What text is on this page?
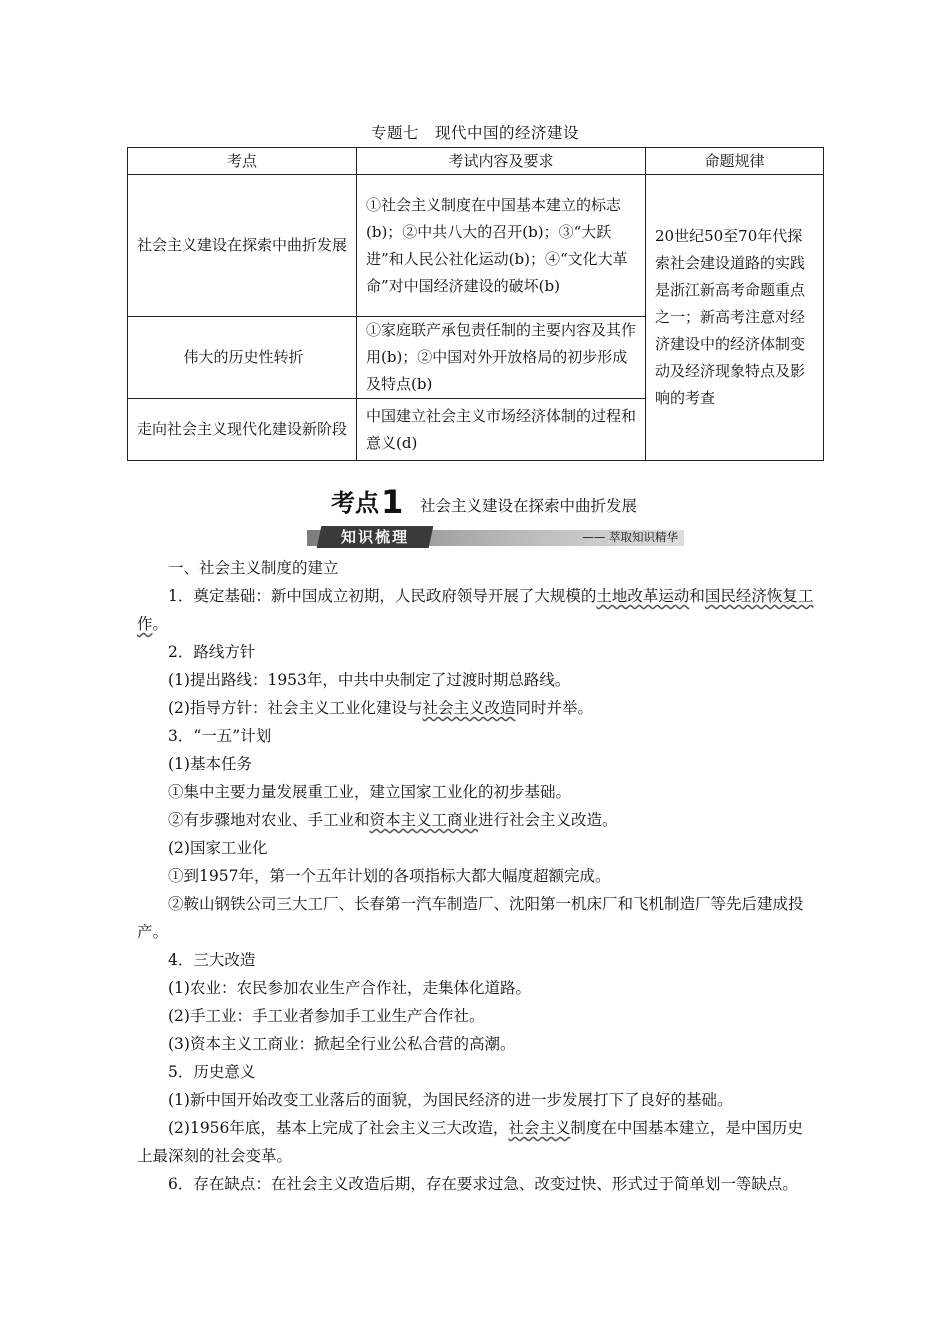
专题七　现代中国的经济建设
考点	考试内容及要求	命题规律
社会主义建设在探索中曲折发展	①社会主义制度在中国基本建立的标志(b)；②中共八大的召开(b)；③“大跃进”和人民公社化运动(b)；④“文化大革命”对中国经济建设的破坏(b)	20世纪50至70年代探索社会建设道路的实践是浙江新高考命题重点之一；新高考注意对经济建设中的经济体制变动及经济现象特点及影响的考查
伟大的历史性转折	①家庭联产承包责任制的主要内容及其作用(b)；②中国对外开放格局的初步形成及特点(b)	
走向社会主义现代化建设新阶段	中国建立社会主义市场经济体制的过程和意义(d)	
考点1 社会主义建设在探索中曲折发展
知识梳理	—— 萃取知识精华

一、社会主义制度的建立

1．奠定基础：新中国成立初期，人民政府领导开展了大规模的土地改革运动和国民经济恢复工作。

2．路线方针

(1)提出路线：1953年，中共中央制定了过渡时期总路线。

(2)指导方针：社会主义工业化建设与社会主义改造同时并举。

3．“一五”计划

(1)基本任务

①集中主要力量发展重工业，建立国家工业化的初步基础。

②有步骤地对农业、手工业和资本主义工商业进行社会主义改造。

(2)国家工业化

①到1957年，第一个五年计划的各项指标大都大幅度超额完成。

②鞍山钢铁公司三大工厂、长春第一汽车制造厂、沈阳第一机床厂和飞机制造厂等先后建成投产。

4．三大改造

(1)农业：农民参加农业生产合作社，走集体化道路。

(2)手工业：手工业者参加手工业生产合作社。

(3)资本主义工商业：掀起全行业公私合营的高潮。

5．历史意义

(1)新中国开始改变工业落后的面貌，为国民经济的进一步发展打下了良好的基础。

(2)1956年底，基本上完成了社会主义三大改造，社会主义制度在中国基本建立，是中国历史上最深刻的社会变革。

6．存在缺点：在社会主义改造后期，存在要求过急、改变过快、形式过于简单划一等缺点。
